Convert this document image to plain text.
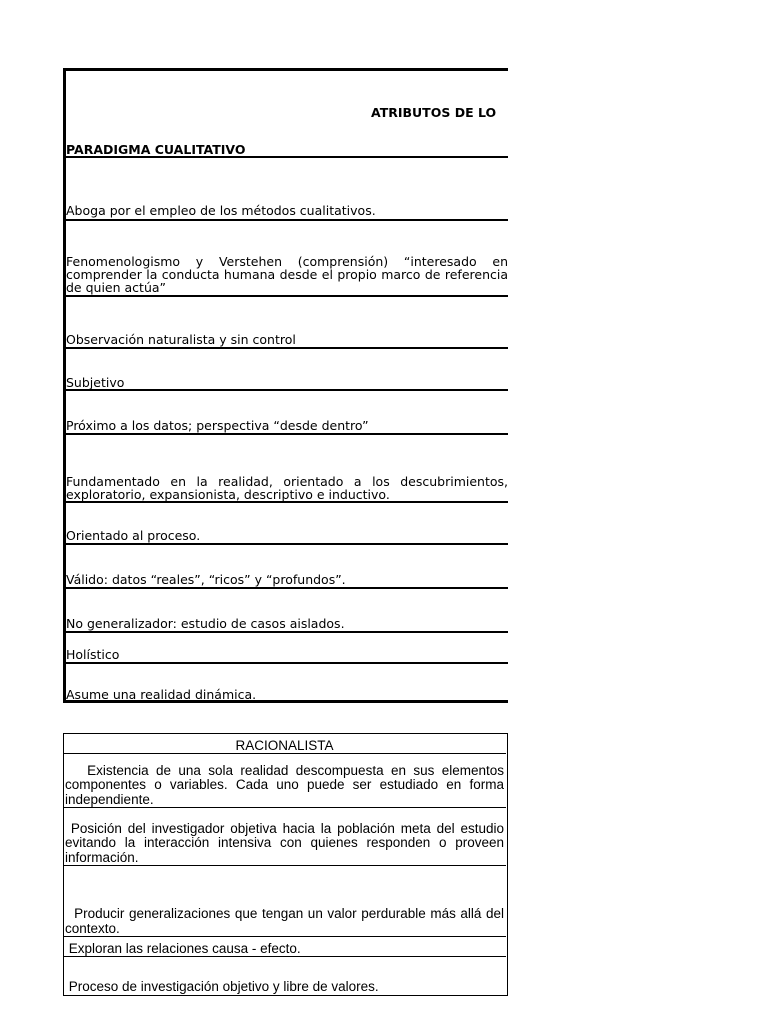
ATRIBUTOS DE LO
PARADIGMA CUALITATIVO
Aboga por el empleo de los métodos cualitativos.
Fenomenologismo y Verstehen (comprensión) “interesado en comprender la conducta humana desde el propio marco de referencia de quien actúa”
Observación naturalista y sin control
Subjetivo
Próximo a los datos; perspectiva “desde dentro”
Fundamentado en la realidad, orientado a los descubrimientos, exploratorio, expansionista, descriptivo e inductivo.
Orientado al proceso.
Válido: datos “reales”, “ricos” y “profundos”.
No generalizador: estudio de casos aislados.
Holístico
Asume una realidad dinámica.
RACIONALISTA
Existencia de una sola realidad descompuesta en sus elementos componentes o variables. Cada uno puede ser estudiado en forma independiente.
Posición del investigador objetiva hacia la población meta del estudio evitando la interacción intensiva con quienes responden o proveen información.
Producir generalizaciones que tengan un valor perdurable más allá del contexto.
Exploran las relaciones causa - efecto.
Proceso de investigación objetivo y libre de valores.
